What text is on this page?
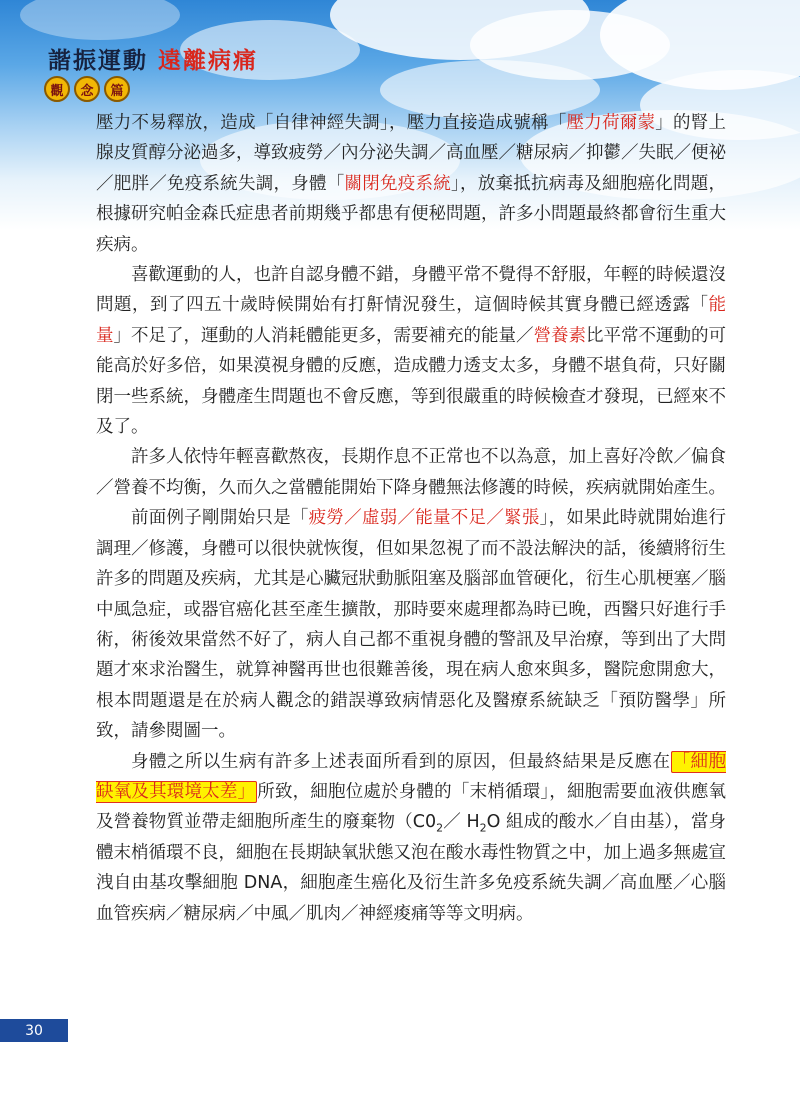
諧振運動 遠離病痛
觀	念	篇

壓力不易釋放，造成「自律神經失調」，壓力直接造成號稱「壓力荷爾蒙」的腎上腺皮質醇分泌過多，導致疲勞／內分泌失調／高血壓／糖尿病／抑鬱／失眠／便祕／肥胖／免疫系統失調，身體「關閉免疫系統」，放棄抵抗病毒及細胞癌化問題，根據研究帕金森氏症患者前期幾乎都患有便秘問題，許多小問題最終都會衍生重大疾病。

喜歡運動的人，也許自認身體不錯，身體平常不覺得不舒服，年輕的時候還沒問題，到了四五十歲時候開始有打鼾情況發生，這個時候其實身體已經透露「能量」不足了，運動的人消耗體能更多，需要補充的能量／營養素比平常不運動的可能高於好多倍，如果漠視身體的反應，造成體力透支太多，身體不堪負荷，只好關閉一些系統，身體產生問題也不會反應，等到很嚴重的時候檢查才發現，已經來不及了。

許多人依恃年輕喜歡熬夜，長期作息不正常也不以為意，加上喜好冷飲／偏食／營養不均衡，久而久之當體能開始下降身體無法修護的時候，疾病就開始產生。

前面例子剛開始只是「疲勞／虛弱／能量不足／緊張」，如果此時就開始進行調理／修護，身體可以很快就恢復，但如果忽視了而不設法解決的話，後續將衍生許多的問題及疾病，尤其是心臟冠狀動脈阻塞及腦部血管硬化，衍生心肌梗塞／腦中風急症，或器官癌化甚至產生擴散，那時要來處理都為時已晚，西醫只好進行手術，術後效果當然不好了，病人自己都不重視身體的警訊及早治療，等到出了大問題才來求治醫生，就算神醫再世也很難善後，現在病人愈來與多，醫院愈開愈大，根本問題還是在於病人觀念的錯誤導致病情惡化及醫療系統缺乏「預防醫學」所致，請參閱圖一。

身體之所以生病有許多上述表面所看到的原因，但最終結果是反應在 「細胞缺氧及其環境太差」 所致，細胞位處於身體的「末梢循環」，細胞需要血液供應氧及營養物質並帶走細胞所產生的廢棄物（$C0_2/$ $H_2O$ 組成的酸水／自由基），當身體末梢循環不良，細胞在長期缺氧狀態又泡在酸水毒性物質之中，加上過多無處宣洩自由基攻擊細胞 DNA，細胞產生癌化及衍生許多免疫系統失調／高血壓／心腦血管疾病／糖尿病／中風／肌肉／神經痠痛等等文明病。

30
